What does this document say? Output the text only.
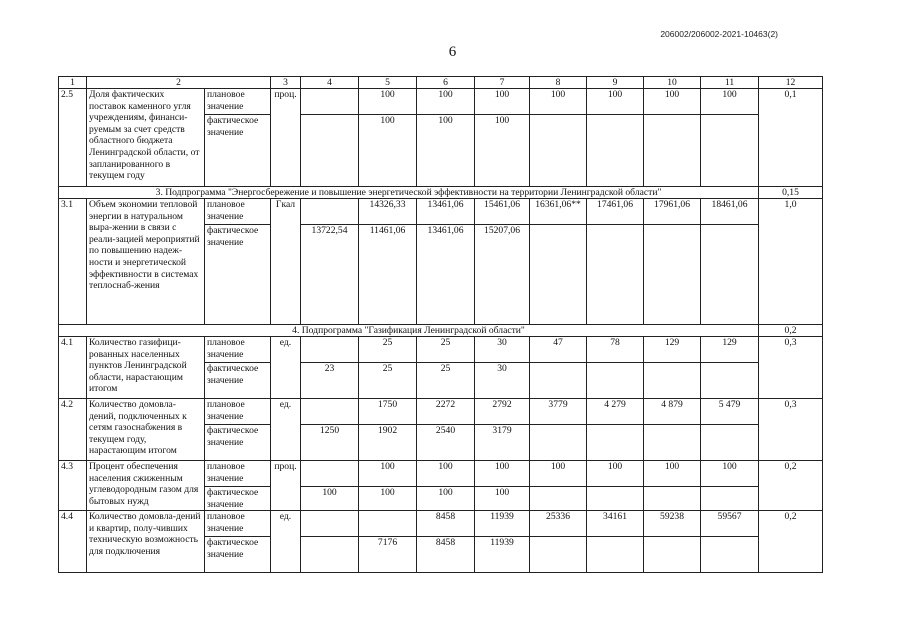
206002/206002-2021-10463(2)
6
1	2		3	4	5	6	7	8	9	10	11	12
2.5	Доля фактических поставок каменного угля учреждениям, финанси-руемым за счет средств областного бюджета Ленинградской области, от запланированного в текущем году	плановое значение	проц.		100	100	100	100	100	100	100	0,1
		фактическое значение			100	100	100					
3. Подпрограмма "Энергосбережение и повышение энергетической эффективности на территории Ленинградской области"												0,15
3.1	Объем экономии тепловой энергии в натуральном выра-жении в связи с реали-зацией мероприятий по повышению надеж-ности и энергетической эффективности в системах теплоснаб-жения	плановое значение	Гкал		14326,33	13461,06	15461,06	16361,06**	17461,06	17961,06	18461,06	1,0
		фактическое значение		13722,54	11461,06	13461,06	15207,06					
4. Подпрограмма "Газификация Ленинградской области"												0,2
4.1	Количество газифици-рованных населенных пунктов Ленинградской области, нарастающим итогом	плановое значение	ед.		25	25	30	47	78	129	129	0,3
		фактическое значение		23	25	25	30					
4.2	Количество домовла-дений, подключенных к сетям газоснабжения в текущем году, нарастающим итогом	плановое значение	ед.		1750	2272	2792	3779	4 279	4 879	5 479	0,3
		фактическое значение		1250	1902	2540	3179					
4.3	Процент обеспечения населения сжиженным углеводородным газом для бытовых нужд	плановое значение	проц.		100	100	100	100	100	100	100	0,2
		фактическое значение		100	100	100	100					
4.4	Количество домовла-дений и квартир, полу-чивших техническую возможность для подключения	плановое значение	ед.			8458	11939	25336	34161	59238	59567	0,2
		фактическое значение			7176	8458	11939					
